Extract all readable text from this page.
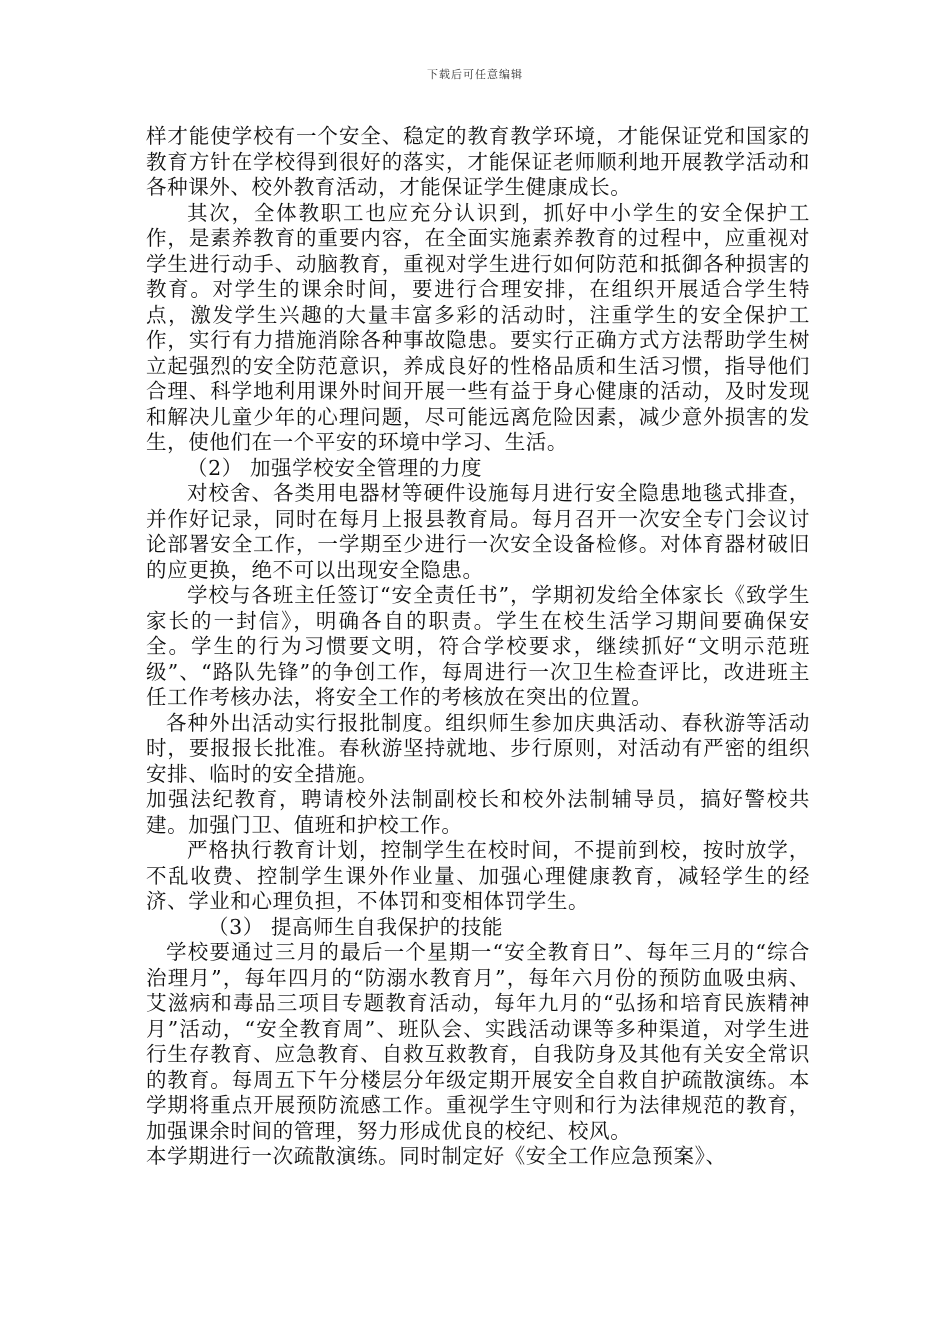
下载后可任意编辑

样才能使学校有一个安全、稳定的教育教学环境，才能保证党和国家的教育方针在学校得到很好的落实，才能保证老师顺利地开展教学活动和各种课外、校外教育活动，才能保证学生健康成长。

其次，全体教职工也应充分认识到，抓好中小学生的安全保护工作，是素养教育的重要内容，在全面实施素养教育的过程中，应重视对学生进行动手、动脑教育，重视对学生进行如何防范和抵御各种损害的教育。对学生的课余时间，要进行合理安排，在组织开展适合学生特点，激发学生兴趣的大量丰富多彩的活动时，注重学生的安全保护工作，实行有力措施消除各种事故隐患。要实行正确方式方法帮助学生树立起强烈的安全防范意识，养成良好的性格品质和生活习惯，指导他们合理、科学地利用课外时间开展一些有益于身心健康的活动，及时发现和解决儿童少年的心理问题，尽可能远离危险因素，减少意外损害的发生，使他们在一个平安的环境中学习、生活。

（2） 加强学校安全管理的力度

对校舍、各类用电器材等硬件设施每月进行安全隐患地毯式排查，并作好记录，同时在每月上报县教育局。每月召开一次安全专门会议讨论部署安全工作，一学期至少进行一次安全设备检修。对体育器材破旧的应更换，绝不可以出现安全隐患。

学校与各班主任签订“安全责任书”，学期初发给全体家长《致学生家长的一封信》，明确各自的职责。学生在校生活学习期间要确保安全。学生的行为习惯要文明，符合学校要求，继续抓好“文明示范班级”、“路队先锋”的争创工作，每周进行一次卫生检查评比，改进班主任工作考核办法，将安全工作的考核放在突出的位置。

各种外出活动实行报批制度。组织师生参加庆典活动、春秋游等活动时，要报报长批准。春秋游坚持就地、步行原则，对活动有严密的组织安排、临时的安全措施。

加强法纪教育，聘请校外法制副校长和校外法制辅导员，搞好警校共建。加强门卫、值班和护校工作。

严格执行教育计划，控制学生在校时间，不提前到校，按时放学，不乱收费、控制学生课外作业量、加强心理健康教育，减轻学生的经济、学业和心理负担，不体罚和变相体罚学生。

（3） 提高师生自我保护的技能

学校要通过三月的最后一个星期一“安全教育日”、每年三月的“综合治理月”，每年四月的“防溺水教育月”，每年六月份的预防血吸虫病、艾滋病和毒品三项目专题教育活动，每年九月的“弘扬和培育民族精神月”活动，“安全教育周”、班队会、实践活动课等多种渠道，对学生进行生存教育、应急教育、自救互救教育，自我防身及其他有关安全常识的教育。每周五下午分楼层分年级定期开展安全自救自护疏散演练。本学期将重点开展预防流感工作。重视学生守则和行为法律规范的教育，加强课余时间的管理，努力形成优良的校纪、校风。

本学期进行一次疏散演练。同时制定好《安全工作应急预案》、
